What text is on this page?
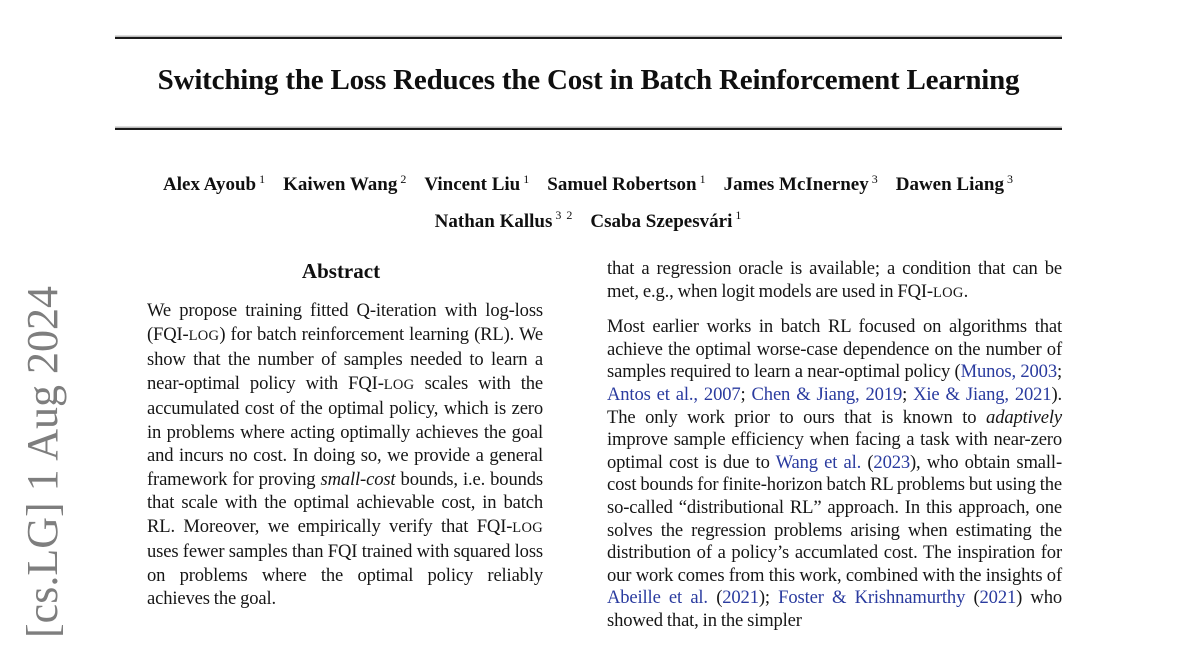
[cs.LG] 1 Aug 2024
Switching the Loss Reduces the Cost in Batch Reinforcement Learning
Alex Ayoub $^1$ Kaiwen Wang $^2$ Vincent Liu $^1$ Samuel Robertson $^1$ James McInerney $^3$ Dawen Liang $^3$
Nathan Kallus $^{3 2}$ Csaba Szepesvári $^1$
Abstract
We propose training fitted Q-iteration with log-loss (FQI-LOG) for batch reinforcement learning (RL). We show that the number of samples needed to learn a near-optimal policy with FQI-LOG scales with the accumulated cost of the optimal policy, which is zero in problems where acting optimally achieves the goal and incurs no cost. In doing so, we provide a general framework for proving small-cost bounds, i.e. bounds that scale with the optimal achievable cost, in batch RL. Moreover, we empirically verify that FQI-LOG uses fewer samples than FQI trained with squared loss on problems where the optimal policy reliably achieves the goal.

that a regression oracle is available; a condition that can be met, e.g., when logit models are used in FQI-LOG.

Most earlier works in batch RL focused on algorithms that achieve the optimal worse-case dependence on the number of samples required to learn a near-optimal policy (Munos, 2003; Antos et al., 2007; Chen & Jiang, 2019; Xie & Jiang, 2021). The only work prior to ours that is known to adaptively improve sample efficiency when facing a task with near-zero optimal cost is due to Wang et al. (2023), who obtain small-cost bounds for finite-horizon batch RL problems but using the so-called “distributional RL” approach. In this approach, one solves the regression problems arising when estimating the distribution of a policy’s accumlated cost. The inspiration for our work comes from this work, combined with the insights of Abeille et al. (2021); Foster & Krishnamurthy (2021) who showed that, in the simpler
